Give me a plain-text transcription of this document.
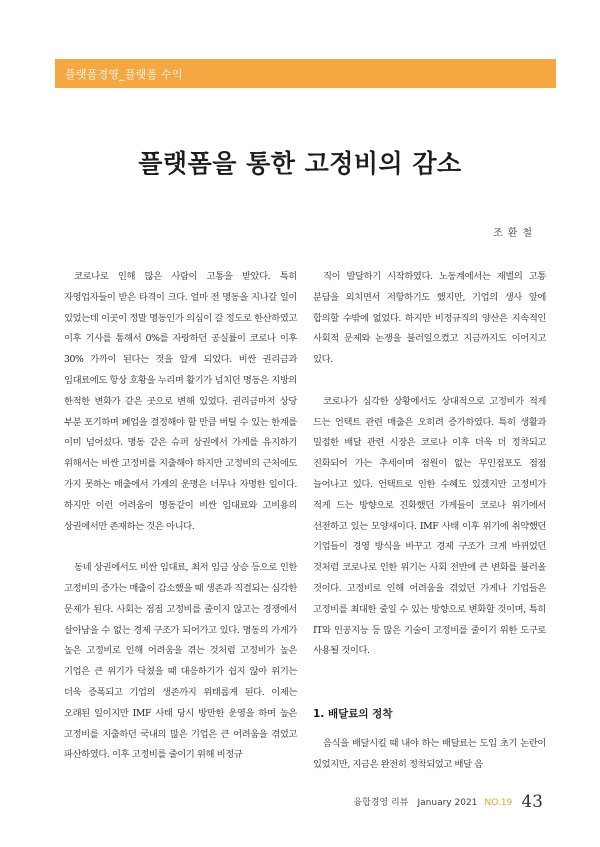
플랫폼경영_플랫폼 수익
플랫폼을 통한 고정비의 감소
조환철

코로나로 인해 많은 사람이 고통을 받았다. 특히 자영업자들이 받은 타격이 크다. 얼마 전 명동을 지나갈 일이 있었는데 이곳이 정말 명동인가 의심이 갈 정도로 한산하였고 이후 기사를 통해서 0%를 자랑하던 공실률이 코로나 이후 30% 가까이 된다는 것을 알게 되었다. 비싼 권리금과 임대료에도 항상 호황을 누리며 활기가 넘치던 명동은 지방의 한적한 변화가 같은 곳으로 변해 있었다. 권리금마저 상당 부분 포기하며 폐업을 결정해야 할 만큼 버틸 수 있는 한계를 이미 넘어섰다. 명동 같은 슈퍼 상권에서 가게를 유지하기 위해서는 비싼 고정비를 지출해야 하지만 고정비의 근처에도 가지 못하는 매출에서 가게의 운명은 너무나 자명한 일이다. 하지만 이런 어려움이 명동같이 비싼 임대료와 고비용의 상권에서만 존재하는 것은 아니다.

동네 상권에서도 비싼 임대료, 최저 임금 상승 등으로 인한 고정비의 증가는 매출이 감소했을 때 생존과 직결되는 심각한 문제가 된다. 사회는 점점 고정비를 줄이지 않고는 경쟁에서 살아남을 수 없는 경제 구조가 되어가고 있다. 명동의 가게가 높은 고정비로 인해 어려움을 겪는 것처럼 고정비가 높은 기업은 큰 위기가 닥쳤을 때 대응하기가 쉽지 않아 위기는 더욱 증폭되고 기업의 생존까지 위태롭게 된다. 이제는 오래된 일이지만 IMF 사태 당시 방만한 운영을 하며 높은 고정비를 지출하던 국내의 많은 기업은 큰 어려움을 겪었고 파산하였다. 이후 고정비를 줄이기 위해 비정규

직이 발달하기 시작하였다. 노동계에서는 재벌의 고통 분담을 외치면서 저항하기도 했지만, 기업의 생사 앞에 합의할 수밖에 없었다. 하지만 비정규직의 양산은 지속적인 사회적 문제와 논쟁을 불러일으켰고 지금까지도 이어지고 있다.

코로나가 심각한 상황에서도 상대적으로 고정비가 적게 드는 언택트 관련 매출은 오히려 증가하였다. 특히 생활과 밀접한 배달 관련 시장은 코로나 이후 더욱 더 정착되고 진화되어 가는 추세이며 점원이 없는 무인점포도 점점 늘어나고 있다. 언택트로 인한 수혜도 있겠지만 고정비가 적게 드는 방향으로 진화했던 가게들이 코로나 위기에서 선전하고 있는 모양새이다. IMF 사태 이후 위기에 취약했던 기업들이 경영 방식을 바꾸고 경제 구조가 크게 바뀌었던 것처럼 코로나로 인한 위기는 사회 전반에 큰 변화를 불러올 것이다. 고정비로 인해 어려움을 겪었던 가게나 기업들은 고정비를 최대한 줄일 수 있는 방향으로 변화할 것이며, 특히 IT와 인공지능 등 많은 기술이 고정비를 줄이기 위한 도구로 사용될 것이다.

1. 배달료의 정착

음식을 배달시킬 때 내야 하는 배달료는 도입 초기 논란이 있었지만, 지금은 완전히 정착되었고 배달 음

융합경영 리뷰 January 2021 NO.19 43
